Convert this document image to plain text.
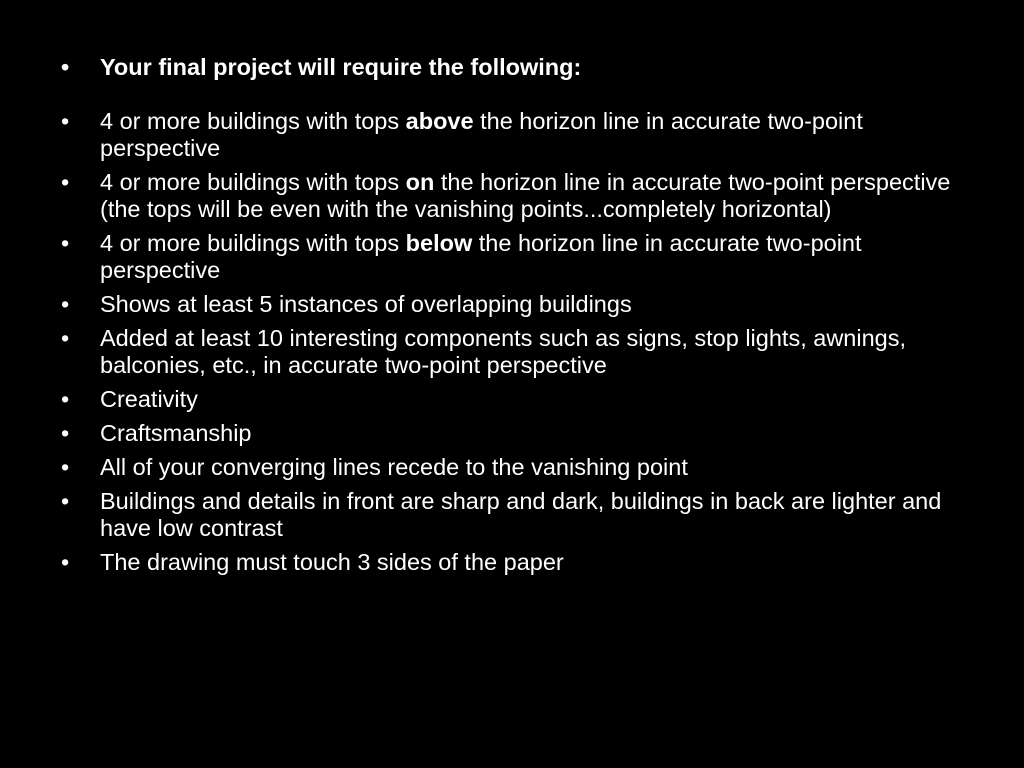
•	Your final project will require the following:
•	4 or more buildings with tops above the horizon line in accurate two-point perspective
•	4 or more buildings with tops on the horizon line in accurate two-point perspective (the tops will be even with the vanishing points...completely horizontal)
•	4 or more buildings with tops below the horizon line in accurate two-point perspective
•	Shows at least 5 instances of overlapping buildings
•	Added at least 10 interesting components such as signs, stop lights, awnings, balconies, etc., in accurate two-point perspective
•	Creativity
•	Craftsmanship
•	All of your converging lines recede to the vanishing point
•	Buildings and details in front are sharp and dark, buildings in back are lighter and have low contrast
•	The drawing must touch 3 sides of the paper
